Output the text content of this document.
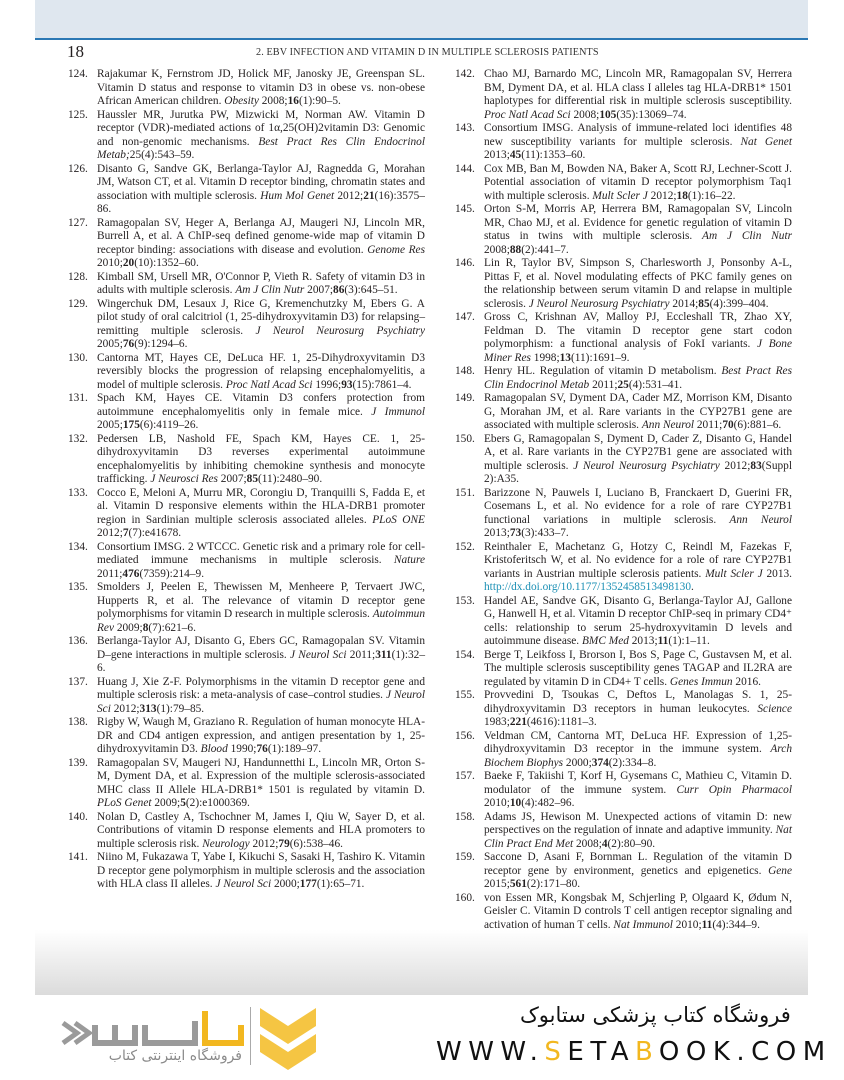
18	2. EBV INFECTION AND VITAMIN D IN MULTIPLE SCLEROSIS PATIENTS
124. Rajakumar K, Fernstrom JD, Holick MF, Janosky JE, Greenspan SL. Vitamin D status and response to vitamin D3 in obese vs. non-obese African American children. Obesity 2008;16(1):90–5.
125. Haussler MR, Jurutka PW, Mizwicki M, Norman AW. Vitamin D receptor (VDR)-mediated actions of 1α,25(OH)2vitamin D3: Genomic and non-genomic mechanisms. Best Pract Res Clin Endocrinol Metab;25(4):543–59.
126. Disanto G, Sandve GK, Berlanga-Taylor AJ, Ragnedda G, Morahan JM, Watson CT, et al. Vitamin D receptor binding, chromatin states and association with multiple sclerosis. Hum Mol Genet 2012;21(16):3575–86.
127. Ramagopalan SV, Heger A, Berlanga AJ, Maugeri NJ, Lincoln MR, Burrell A, et al. A ChIP-seq defined genome-wide map of vitamin D receptor binding: associations with disease and evolution. Genome Res 2010;20(10):1352–60.
128. Kimball SM, Ursell MR, O'Connor P, Vieth R. Safety of vitamin D3 in adults with multiple sclerosis. Am J Clin Nutr 2007;86(3):645–51.
129. Wingerchuk DM, Lesaux J, Rice G, Kremenchutzky M, Ebers G. A pilot study of oral calcitriol (1, 25-dihydroxyvitamin D3) for relapsing–remitting multiple sclerosis. J Neurol Neurosurg Psychiatry 2005;76(9):1294–6.
130. Cantorna MT, Hayes CE, DeLuca HF. 1, 25-Dihydroxyvitamin D3 reversibly blocks the progression of relapsing encephalomyelitis, a model of multiple sclerosis. Proc Natl Acad Sci 1996;93(15):7861–4.
131. Spach KM, Hayes CE. Vitamin D3 confers protection from autoimmune encephalomyelitis only in female mice. J Immunol 2005;175(6):4119–26.
132. Pedersen LB, Nashold FE, Spach KM, Hayes CE. 1, 25-dihydroxyvitamin D3 reverses experimental autoimmune encephalomyelitis by inhibiting chemokine synthesis and monocyte trafficking. J Neurosci Res 2007;85(11):2480–90.
133. Cocco E, Meloni A, Murru MR, Corongiu D, Tranquilli S, Fadda E, et al. Vitamin D responsive elements within the HLA-DRB1 promoter region in Sardinian multiple sclerosis associated alleles. PLoS ONE 2012;7(7):e41678.
134. Consortium IMSG. 2 WTCCC. Genetic risk and a primary role for cell-mediated immune mechanisms in multiple sclerosis. Nature 2011;476(7359):214–9.
135. Smolders J, Peelen E, Thewissen M, Menheere P, Tervaert JWC, Hupperts R, et al. The relevance of vitamin D receptor gene polymorphisms for vitamin D research in multiple sclerosis. Autoimmun Rev 2009;8(7):621–6.
136. Berlanga-Taylor AJ, Disanto G, Ebers GC, Ramagopalan SV. Vitamin D–gene interactions in multiple sclerosis. J Neurol Sci 2011;311(1):32–6.
137. Huang J, Xie Z-F. Polymorphisms in the vitamin D receptor gene and multiple sclerosis risk: a meta-analysis of case–control studies. J Neurol Sci 2012;313(1):79–85.
138. Rigby W, Waugh M, Graziano R. Regulation of human monocyte HLA-DR and CD4 antigen expression, and antigen presentation by 1, 25-dihydroxyvitamin D3. Blood 1990;76(1):189–97.
139. Ramagopalan SV, Maugeri NJ, Handunnetthi L, Lincoln MR, Orton S-M, Dyment DA, et al. Expression of the multiple sclerosis-associated MHC class II Allele HLA-DRB1* 1501 is regulated by vitamin D. PLoS Genet 2009;5(2):e1000369.
140. Nolan D, Castley A, Tschochner M, James I, Qiu W, Sayer D, et al. Contributions of vitamin D response elements and HLA promoters to multiple sclerosis risk. Neurology 2012;79(6):538–46.
141. Niino M, Fukazawa T, Yabe I, Kikuchi S, Sasaki H, Tashiro K. Vitamin D receptor gene polymorphism in multiple sclerosis and the association with HLA class II alleles. J Neurol Sci 2000;177(1):65–71.
142. Chao MJ, Barnardo MC, Lincoln MR, Ramagopalan SV, Herrera BM, Dyment DA, et al. HLA class I alleles tag HLA-DRB1* 1501 haplotypes for differential risk in multiple sclerosis susceptibility. Proc Natl Acad Sci 2008;105(35):13069–74.
143. Consortium IMSG. Analysis of immune-related loci identifies 48 new susceptibility variants for multiple sclerosis. Nat Genet 2013;45(11):1353–60.
144. Cox MB, Ban M, Bowden NA, Baker A, Scott RJ, Lechner-Scott J. Potential association of vitamin D receptor polymorphism Taq1 with multiple sclerosis. Mult Scler J 2012;18(1):16–22.
145. Orton S-M, Morris AP, Herrera BM, Ramagopalan SV, Lincoln MR, Chao MJ, et al. Evidence for genetic regulation of vitamin D status in twins with multiple sclerosis. Am J Clin Nutr 2008;88(2):441–7.
146. Lin R, Taylor BV, Simpson S, Charlesworth J, Ponsonby A-L, Pittas F, et al. Novel modulating effects of PKC family genes on the relationship between serum vitamin D and relapse in multiple sclerosis. J Neurol Neurosurg Psychiatry 2014;85(4):399–404.
147. Gross C, Krishnan AV, Malloy PJ, Eccleshall TR, Zhao XY, Feldman D. The vitamin D receptor gene start codon polymorphism: a functional analysis of FokI variants. J Bone Miner Res 1998;13(11):1691–9.
148. Henry HL. Regulation of vitamin D metabolism. Best Pract Res Clin Endocrinol Metab 2011;25(4):531–41.
149. Ramagopalan SV, Dyment DA, Cader MZ, Morrison KM, Disanto G, Morahan JM, et al. Rare variants in the CYP27B1 gene are associated with multiple sclerosis. Ann Neurol 2011;70(6):881–6.
150. Ebers G, Ramagopalan S, Dyment D, Cader Z, Disanto G, Handel A, et al. Rare variants in the CYP27B1 gene are associated with multiple sclerosis. J Neurol Neurosurg Psychiatry 2012;83(Suppl 2):A35.
151. Barizzone N, Pauwels I, Luciano B, Franckaert D, Guerini FR, Cosemans L, et al. No evidence for a role of rare CYP27B1 functional variations in multiple sclerosis. Ann Neurol 2013;73(3):433–7.
152. Reinthaler E, Machetanz G, Hotzy C, Reindl M, Fazekas F, Kristoferitsch W, et al. No evidence for a role of rare CYP27B1 variants in Austrian multiple sclerosis patients. Mult Scler J 2013. http://dx.doi.org/10.1177/1352458513498130.
153. Handel AE, Sandve GK, Disanto G, Berlanga-Taylor AJ, Gallone G, Hanwell H, et al. Vitamin D receptor ChIP-seq in primary CD4⁺ cells: relationship to serum 25-hydroxyvitamin D levels and autoimmune disease. BMC Med 2013;11(1):1–11.
154. Berge T, Leikfoss I, Brorson I, Bos S, Page C, Gustavsen M, et al. The multiple sclerosis susceptibility genes TAGAP and IL2RA are regulated by vitamin D in CD4+ T cells. Genes Immun 2016.
155. Provvedini D, Tsoukas C, Deftos L, Manolagas S. 1, 25-dihydroxyvitamin D3 receptors in human leukocytes. Science 1983;221(4616):1181–3.
156. Veldman CM, Cantorna MT, DeLuca HF. Expression of 1,25-dihydroxyvitamin D3 receptor in the immune system. Arch Biochem Biophys 2000;374(2):334–8.
157. Baeke F, Takiishi T, Korf H, Gysemans C, Mathieu C, Vitamin D. modulator of the immune system. Curr Opin Pharmacol 2010;10(4):482–96.
158. Adams JS, Hewison M. Unexpected actions of vitamin D: new perspectives on the regulation of innate and adaptive immunity. Nat Clin Pract End Met 2008;4(2):80–90.
159. Saccone D, Asani F, Bornman L. Regulation of the vitamin D receptor gene by environment, genetics and epigenetics. Gene 2015;561(2):171–80.
160. von Essen MR, Kongsbak M, Schjerling P, Olgaard K, Ødum N, Geisler C. Vitamin D controls T cell antigen receptor signaling and activation of human T cells. Nat Immunol 2010;11(4):344–9.
فروشگاه اینترنتی کتاب
فروشگاه کتاب پزشکی ستابوک
WWW.SETABOOK.COM
